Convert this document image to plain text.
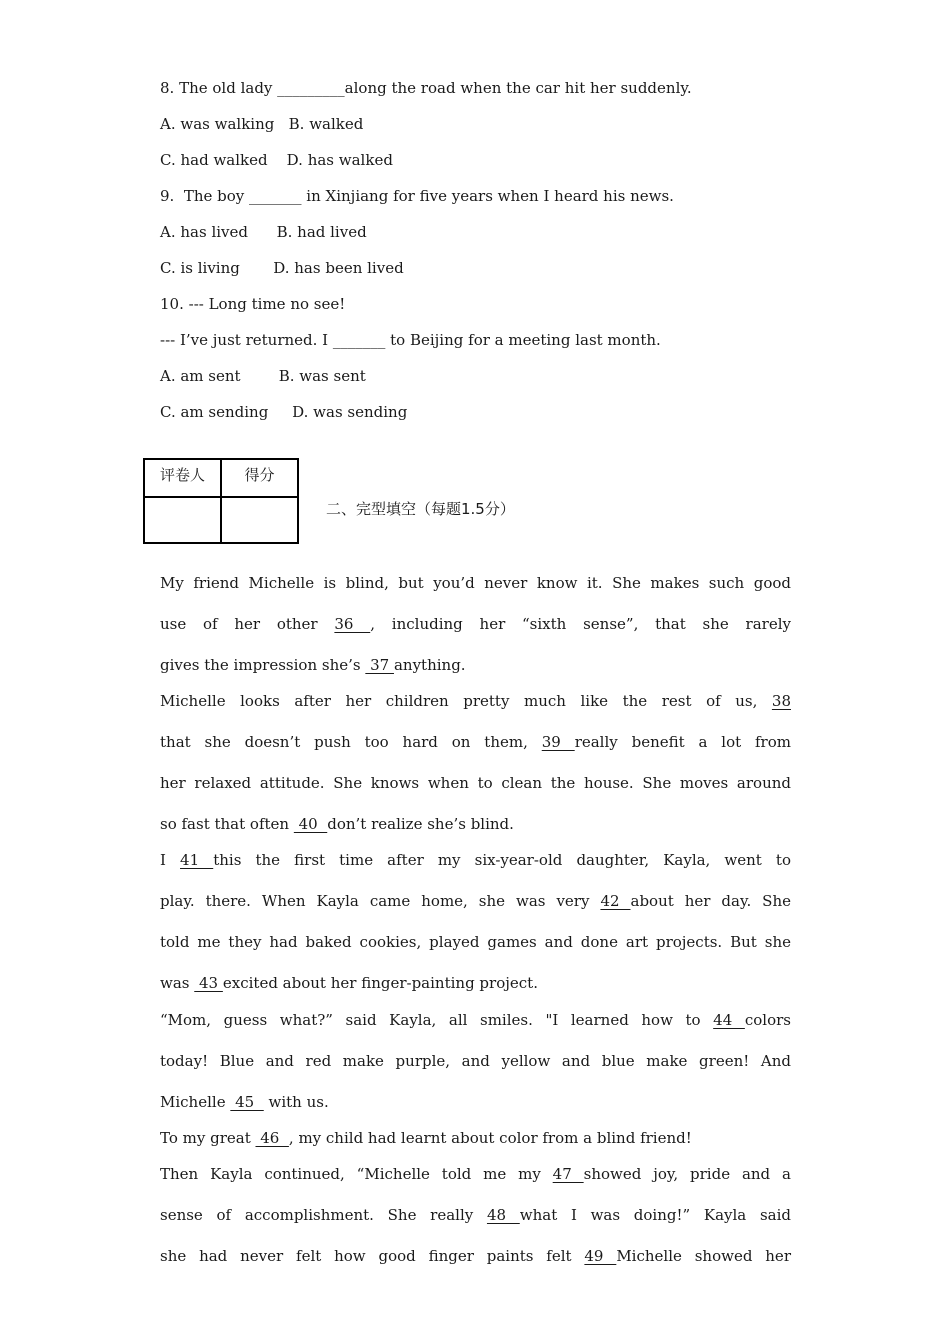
8. The old lady _________along the road when the car hit her suddenly.
A. was walking   B. walked
C. had walked    D. has walked
9.  The boy _______ in Xinjiang for five years when I heard his news.
A. has lived      B. had lived
C. is living       D. has been lived
10. --- Long time no see!
--- I’ve just returned. I _______ to Beijing for a meeting last month.
A. am sent        B. was sent
C. am sending     D. was sending
评卷人	得分

二、完型填空（每题1.5分）
My friend Michelle is blind, but you’d never know it. She makes such good
use of her other 36 , including her “sixth sense”, that she rarely
gives the impression she’s  37 anything.
Michelle looks after her children pretty much like the rest of us, 38
that she doesn’t push too hard on them, 39 really benefit a lot from
her relaxed attitude. She knows when to clean the house. She moves around
so fast that often  40  don’t realize she’s blind.
I 41 this the first time after my six-year-old daughter, Kayla, went to
play. there. When Kayla came home, she was very 42 about her day. She
told me they had baked cookies, played games and done art projects. But she
was  43 excited about her finger-painting project.
“Mom, guess what?” said Kayla, all smiles. "I learned how to 44 colors
today! Blue and red make purple, and yellow and blue make green! And
Michelle  45   with us.
To my great  46  , my child had learnt about color from a blind friend!
Then Kayla continued, “Michelle told me my 47 showed joy, pride and a
sense of accomplishment. She really 48 what I was doing!” Kayla said
she had never felt how good finger paints felt 49 Michelle showed her
